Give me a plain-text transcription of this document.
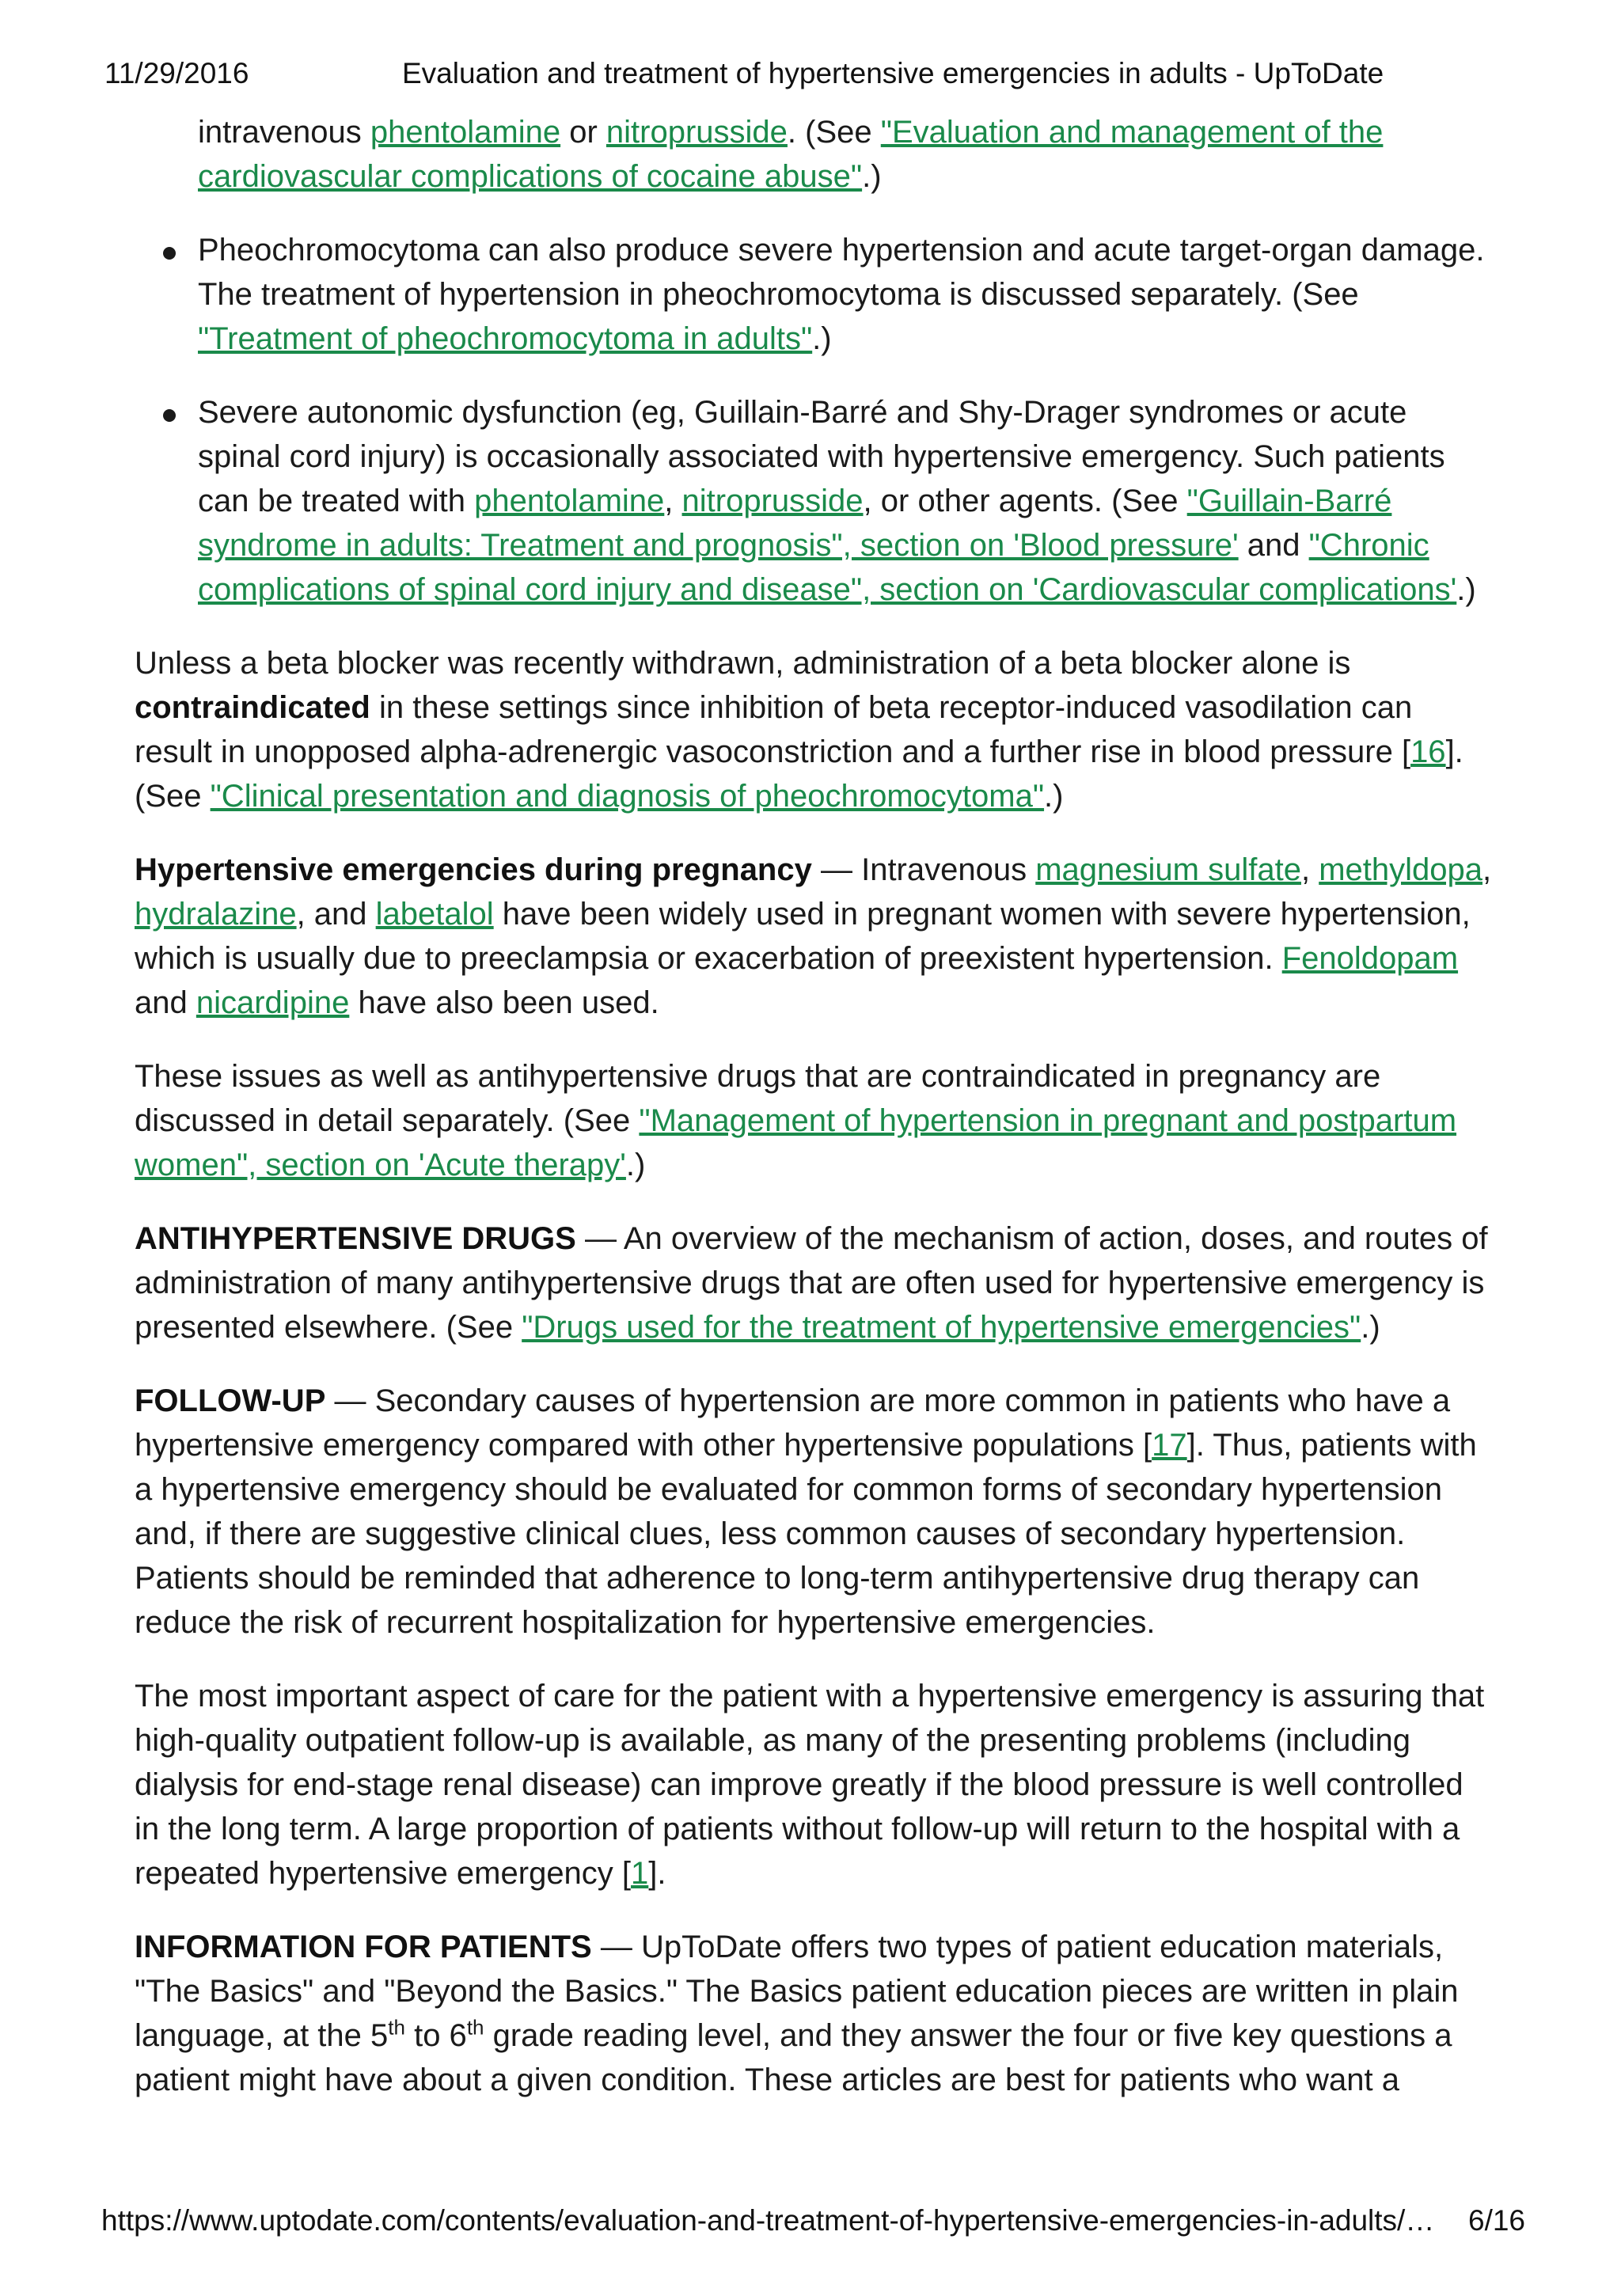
11/29/2016	Evaluation and treatment of hypertensive emergencies in adults - UpToDate
intravenous phentolamine or nitroprusside. (See "Evaluation and management of the cardiovascular complications of cocaine abuse".)
Pheochromocytoma can also produce severe hypertension and acute target-organ damage. The treatment of hypertension in pheochromocytoma is discussed separately. (See "Treatment of pheochromocytoma in adults".)
Severe autonomic dysfunction (eg, Guillain-Barré and Shy-Drager syndromes or acute spinal cord injury) is occasionally associated with hypertensive emergency. Such patients can be treated with phentolamine, nitroprusside, or other agents. (See "Guillain-Barré syndrome in adults: Treatment and prognosis", section on 'Blood pressure' and "Chronic complications of spinal cord injury and disease", section on 'Cardiovascular complications'.)

Unless a beta blocker was recently withdrawn, administration of a beta blocker alone is contraindicated in these settings since inhibition of beta receptor-induced vasodilation can result in unopposed alpha-adrenergic vasoconstriction and a further rise in blood pressure [16]. (See "Clinical presentation and diagnosis of pheochromocytoma".)

Hypertensive emergencies during pregnancy — Intravenous magnesium sulfate, methyldopa, hydralazine, and labetalol have been widely used in pregnant women with severe hypertension, which is usually due to preeclampsia or exacerbation of preexistent hypertension. Fenoldopam and nicardipine have also been used.

These issues as well as antihypertensive drugs that are contraindicated in pregnancy are discussed in detail separately. (See "Management of hypertension in pregnant and postpartum women", section on 'Acute therapy'.)

ANTIHYPERTENSIVE DRUGS — An overview of the mechanism of action, doses, and routes of administration of many antihypertensive drugs that are often used for hypertensive emergency is presented elsewhere. (See "Drugs used for the treatment of hypertensive emergencies".)

FOLLOW-UP — Secondary causes of hypertension are more common in patients who have a hypertensive emergency compared with other hypertensive populations [17]. Thus, patients with a hypertensive emergency should be evaluated for common forms of secondary hypertension and, if there are suggestive clinical clues, less common causes of secondary hypertension. Patients should be reminded that adherence to long-term antihypertensive drug therapy can reduce the risk of recurrent hospitalization for hypertensive emergencies.

The most important aspect of care for the patient with a hypertensive emergency is assuring that high-quality outpatient follow-up is available, as many of the presenting problems (including dialysis for end-stage renal disease) can improve greatly if the blood pressure is well controlled in the long term. A large proportion of patients without follow-up will return to the hospital with a repeated hypertensive emergency [1].

INFORMATION FOR PATIENTS — UpToDate offers two types of patient education materials, "The Basics" and "Beyond the Basics." The Basics patient education pieces are written in plain language, at the 5th to 6th grade reading level, and they answer the four or five key questions a patient might have about a given condition. These articles are best for patients who want a

https://www.uptodate.com/contents/evaluation-and-treatment-of-hypertensive-emergencies-in-adults/… 6/16
